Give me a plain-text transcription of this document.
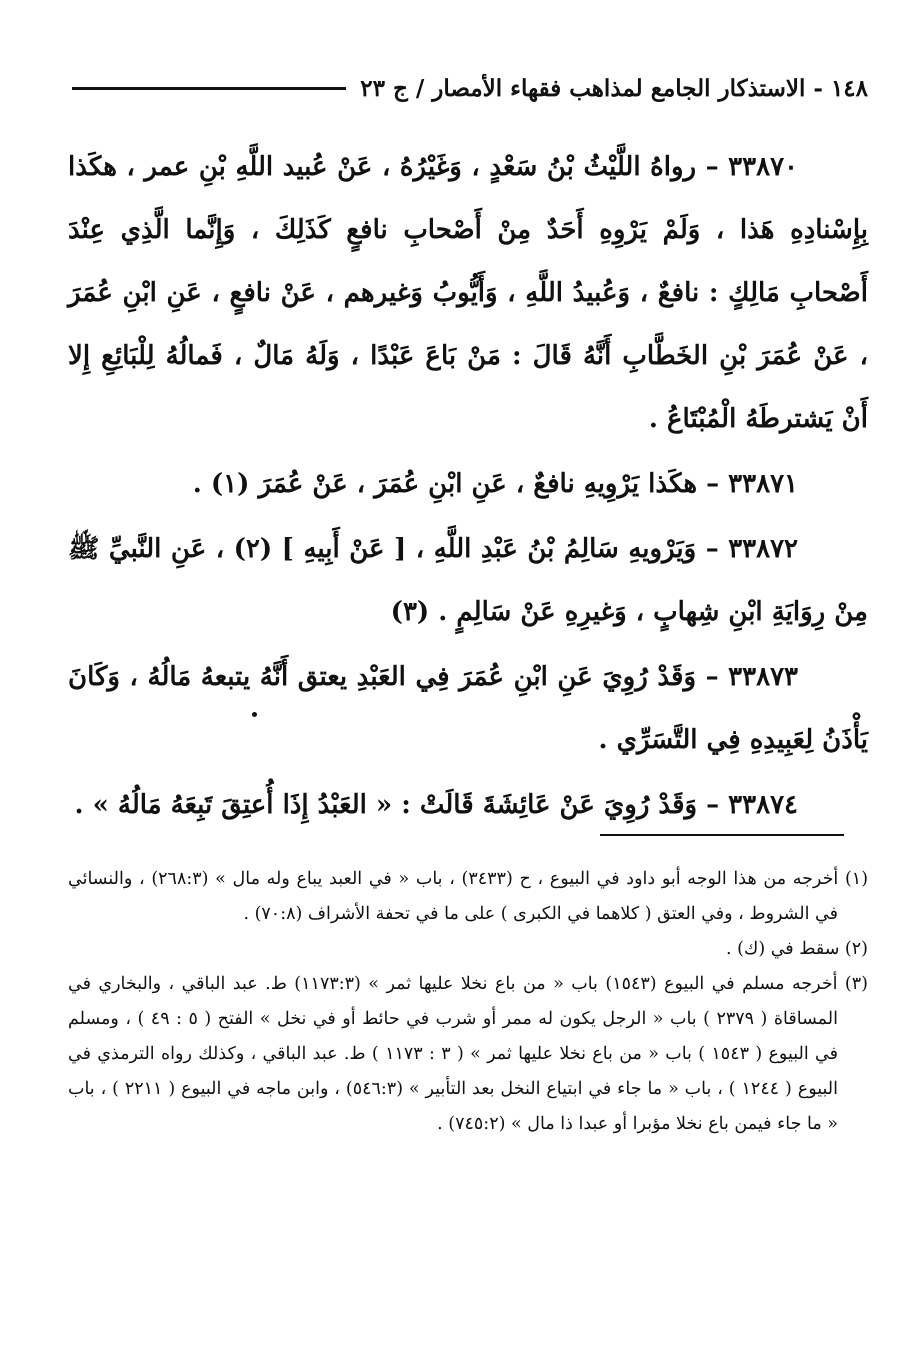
١٤٨ - الاستذكار الجامع لمذاهب فقهاء الأمصار / ج ٢٣

٣٣٨٧٠ – رواهُ اللَّيْثُ بْنُ سَعْدٍ ، وَغَيْرُهُ ، عَنْ عُبيد اللَّهِ بْنِ عمر ، هكَذا بِإِسْنادِهِ هَذا ، وَلَمْ يَرْوِهِ أَحَدٌ مِنْ أَصْحابِ نافعٍ كَذَلِكَ ، وَإِنَّما الَّذِي عِنْدَ أَصْحابِ مَالِكٍ : نافعٌ ، وَعُبيدُ اللَّهِ ، وَأَيُّوبُ وَغيرهم ، عَنْ نافعٍ ، عَنِ ابْنِ عُمَرَ ، عَنْ عُمَرَ بْنِ الخَطَّابِ أَنَّهُ قَالَ : مَنْ بَاعَ عَبْدًا ، وَلَهُ مَالٌ ، فَمالُهُ لِلْبَائِعِ إِلا أَنْ يَشترطَهُ الْمُبْتَاعُ .

٣٣٨٧١ – هكَذا يَرْوِيهِ نافعٌ ، عَنِ ابْنِ عُمَرَ ، عَنْ عُمَرَ (١) .

٣٣٨٧٢ – وَيَرْويهِ سَالِمُ بْنُ عَبْدِ اللَّهِ ، [ عَنْ أَبِيهِ ] (٢) ، عَنِ النَّبيِّ ﷺ مِنْ رِوَايَةِ ابْنِ شِهابٍ ، وَغيرِهِ عَنْ سَالِمٍ . (٣)

٣٣٨٧٣ – وَقَدْ رُوِيَ عَنِ ابْنِ عُمَرَ فِي العَبْدِ يعتق أَنَّهُ يتبعهُ مَالُهُ ، وَكَانَ يَأْذَنُ لِعَبِيدِهِ فِي التَّسَرِّي .

٣٣٨٧٤ – وَقَدْ رُوِيَ عَنْ عَائِشَةَ قَالَتْ : « العَبْدُ إِذَا أُعتِقَ تَبِعَهُ مَالُهُ » .

(١) أخرجه من هذا الوجه أبو داود في البيوع ، ح (٣٤٣٣) ، باب « في العبد يباع وله مال » (٢٦٨:٣) ، والنسائي في الشروط ، وفي العتق ( كلاهما في الكبرى ) على ما في تحفة الأشراف (٧٠:٨) .

(٢) سقط في (ك) .

(٣) أخرجه مسلم في البيوع (١٥٤٣) باب « من باع نخلا عليها ثمر » (١١٧٣:٣) ط. عبد الباقي ، والبخاري في المساقاة ( ٢٣٧٩ ) باب « الرجل يكون له ممر أو شرب في حائط أو في نخل » الفتح ( ٥ : ٤٩ ) ، ومسلم في البيوع ( ١٥٤٣ ) باب « من باع نخلا عليها ثمر » ( ٣ : ١١٧٣ ) ط. عبد الباقي ، وكذلك رواه الترمذي في البيوع ( ١٢٤٤ ) ، باب « ما جاء في ابتياع النخل بعد التأبير » (٥٤٦:٣) ، وابن ماجه في البيوع ( ٢٢١١ ) ، باب « ما جاء فيمن باع نخلا مؤبرا أو عبدا ذا مال » (٧٤٥:٢) .
